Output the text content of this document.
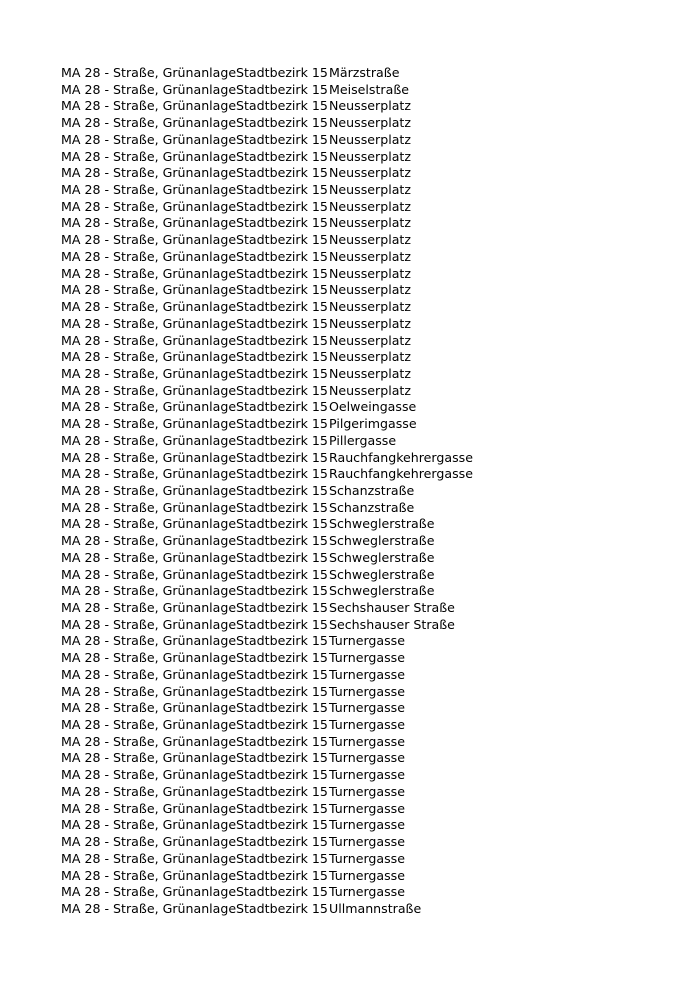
MA 28 - Straße, Grünanlage Stadtbezirk 15 Märzstraße
MA 28 - Straße, Grünanlage Stadtbezirk 15 Meiselstraße
MA 28 - Straße, Grünanlage Stadtbezirk 15 Neusserplatz
MA 28 - Straße, Grünanlage Stadtbezirk 15 Neusserplatz
MA 28 - Straße, Grünanlage Stadtbezirk 15 Neusserplatz
MA 28 - Straße, Grünanlage Stadtbezirk 15 Neusserplatz
MA 28 - Straße, Grünanlage Stadtbezirk 15 Neusserplatz
MA 28 - Straße, Grünanlage Stadtbezirk 15 Neusserplatz
MA 28 - Straße, Grünanlage Stadtbezirk 15 Neusserplatz
MA 28 - Straße, Grünanlage Stadtbezirk 15 Neusserplatz
MA 28 - Straße, Grünanlage Stadtbezirk 15 Neusserplatz
MA 28 - Straße, Grünanlage Stadtbezirk 15 Neusserplatz
MA 28 - Straße, Grünanlage Stadtbezirk 15 Neusserplatz
MA 28 - Straße, Grünanlage Stadtbezirk 15 Neusserplatz
MA 28 - Straße, Grünanlage Stadtbezirk 15 Neusserplatz
MA 28 - Straße, Grünanlage Stadtbezirk 15 Neusserplatz
MA 28 - Straße, Grünanlage Stadtbezirk 15 Neusserplatz
MA 28 - Straße, Grünanlage Stadtbezirk 15 Neusserplatz
MA 28 - Straße, Grünanlage Stadtbezirk 15 Neusserplatz
MA 28 - Straße, Grünanlage Stadtbezirk 15 Neusserplatz
MA 28 - Straße, Grünanlage Stadtbezirk 15 Oelweingasse
MA 28 - Straße, Grünanlage Stadtbezirk 15 Pilgerimgasse
MA 28 - Straße, Grünanlage Stadtbezirk 15 Pillergasse
MA 28 - Straße, Grünanlage Stadtbezirk 15 Rauchfangkehrergasse
MA 28 - Straße, Grünanlage Stadtbezirk 15 Rauchfangkehrergasse
MA 28 - Straße, Grünanlage Stadtbezirk 15 Schanzstraße
MA 28 - Straße, Grünanlage Stadtbezirk 15 Schanzstraße
MA 28 - Straße, Grünanlage Stadtbezirk 15 Schweglerstraße
MA 28 - Straße, Grünanlage Stadtbezirk 15 Schweglerstraße
MA 28 - Straße, Grünanlage Stadtbezirk 15 Schweglerstraße
MA 28 - Straße, Grünanlage Stadtbezirk 15 Schweglerstraße
MA 28 - Straße, Grünanlage Stadtbezirk 15 Schweglerstraße
MA 28 - Straße, Grünanlage Stadtbezirk 15 Sechshauser Straße
MA 28 - Straße, Grünanlage Stadtbezirk 15 Sechshauser Straße
MA 28 - Straße, Grünanlage Stadtbezirk 15 Turnergasse
MA 28 - Straße, Grünanlage Stadtbezirk 15 Turnergasse
MA 28 - Straße, Grünanlage Stadtbezirk 15 Turnergasse
MA 28 - Straße, Grünanlage Stadtbezirk 15 Turnergasse
MA 28 - Straße, Grünanlage Stadtbezirk 15 Turnergasse
MA 28 - Straße, Grünanlage Stadtbezirk 15 Turnergasse
MA 28 - Straße, Grünanlage Stadtbezirk 15 Turnergasse
MA 28 - Straße, Grünanlage Stadtbezirk 15 Turnergasse
MA 28 - Straße, Grünanlage Stadtbezirk 15 Turnergasse
MA 28 - Straße, Grünanlage Stadtbezirk 15 Turnergasse
MA 28 - Straße, Grünanlage Stadtbezirk 15 Turnergasse
MA 28 - Straße, Grünanlage Stadtbezirk 15 Turnergasse
MA 28 - Straße, Grünanlage Stadtbezirk 15 Turnergasse
MA 28 - Straße, Grünanlage Stadtbezirk 15 Turnergasse
MA 28 - Straße, Grünanlage Stadtbezirk 15 Turnergasse
MA 28 - Straße, Grünanlage Stadtbezirk 15 Turnergasse
MA 28 - Straße, Grünanlage Stadtbezirk 15 Ullmannstraße
